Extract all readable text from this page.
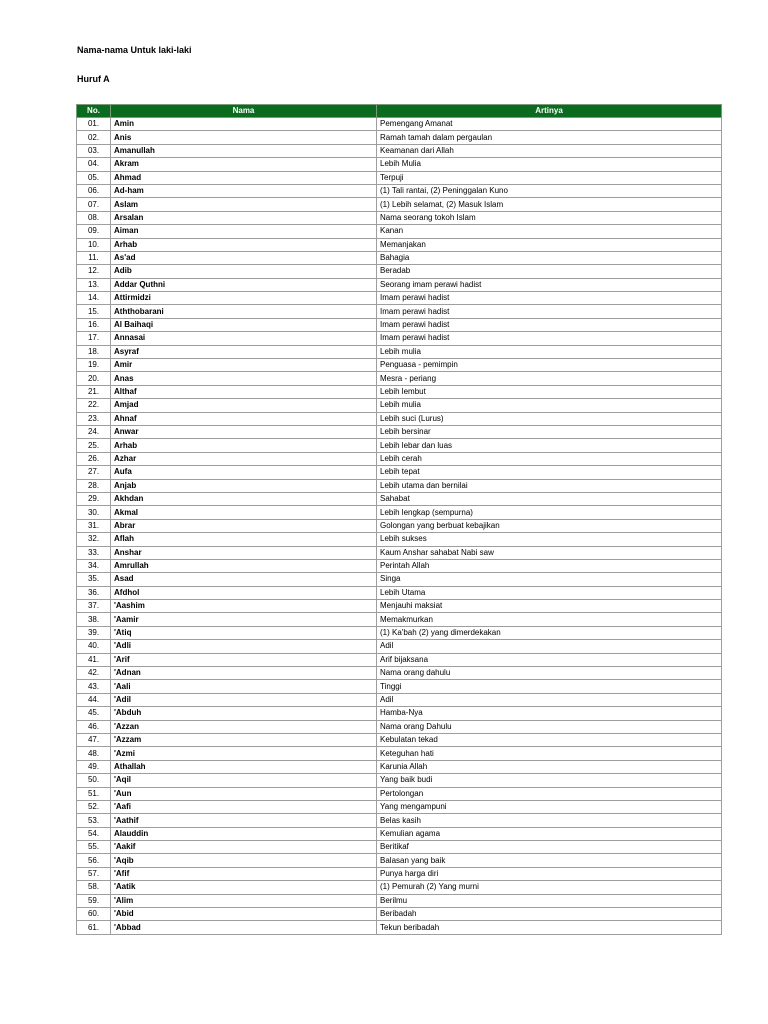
Nama-nama Untuk laki-laki
Huruf A
No.	Nama	Artinya
01.	Amin	Pemengang Amanat
02.	Anis	Ramah tamah dalam pergaulan
03.	Amanullah	Keamanan dari Allah
04.	Akram	Lebih Mulia
05.	Ahmad	Terpuji
06.	Ad-ham	(1) Tali rantai, (2) Peninggalan Kuno
07.	Aslam	(1) Lebih selamat, (2) Masuk Islam
08.	Arsalan	Nama seorang tokoh Islam
09.	Aiman	Kanan
10.	Arhab	Memanjakan
11.	As'ad	Bahagia
12.	Adib	Beradab
13.	Addar Quthni	Seorang imam perawi hadist
14.	Attirmidzi	Imam perawi hadist
15.	Aththobarani	Imam perawi hadist
16.	Al Baihaqi	Imam perawi hadist
17.	Annasai	Imam perawi hadist
18.	Asyraf	Lebih mulia
19.	Amir	Penguasa - pemimpin
20.	Anas	Mesra - periang
21.	Althaf	Lebih lembut
22.	Amjad	Lebih mulia
23.	Ahnaf	Lebih suci (Lurus)
24.	Anwar	Lebih bersinar
25.	Arhab	Lebih lebar dan luas
26.	Azhar	Lebih cerah
27.	Aufa	Lebih tepat
28.	Anjab	Lebih utama dan bernilai
29.	Akhdan	Sahabat
30.	Akmal	Lebih lengkap (sempurna)
31.	Abrar	Golongan yang berbuat kebajikan
32.	Aflah	Lebih sukses
33.	Anshar	Kaum Anshar sahabat Nabi saw
34.	Amrullah	Perintah Allah
35.	Asad	Singa
36.	Afdhol	Lebih Utama
37.	'Aashim	Menjauhi maksiat
38.	'Aamir	Memakmurkan
39.	'Atiq	(1) Ka'bah (2) yang dimerdekakan
40.	'Adli	Adil
41.	'Arif	Arif bijaksana
42.	'Adnan	Nama orang dahulu
43.	'Aali	Tinggi
44.	'Adil	Adil
45.	'Abduh	Hamba-Nya
46.	'Azzan	Nama orang Dahulu
47.	'Azzam	Kebulatan tekad
48.	'Azmi	Keteguhan hati
49.	Athallah	Karunia Allah
50.	'Aqil	Yang baik budi
51.	'Aun	Pertolongan
52.	'Aafi	Yang mengampuni
53.	'Aathif	Belas kasih
54.	Alauddin	Kemulian agama
55.	'Aakif	Beritikaf
56.	'Aqib	Balasan yang baik
57.	'Afif	Punya harga diri
58.	'Aatik	(1) Pemurah (2) Yang murni
59.	'Alim	Berilmu
60.	'Abid	Beribadah
61.	'Abbad	Tekun beribadah
